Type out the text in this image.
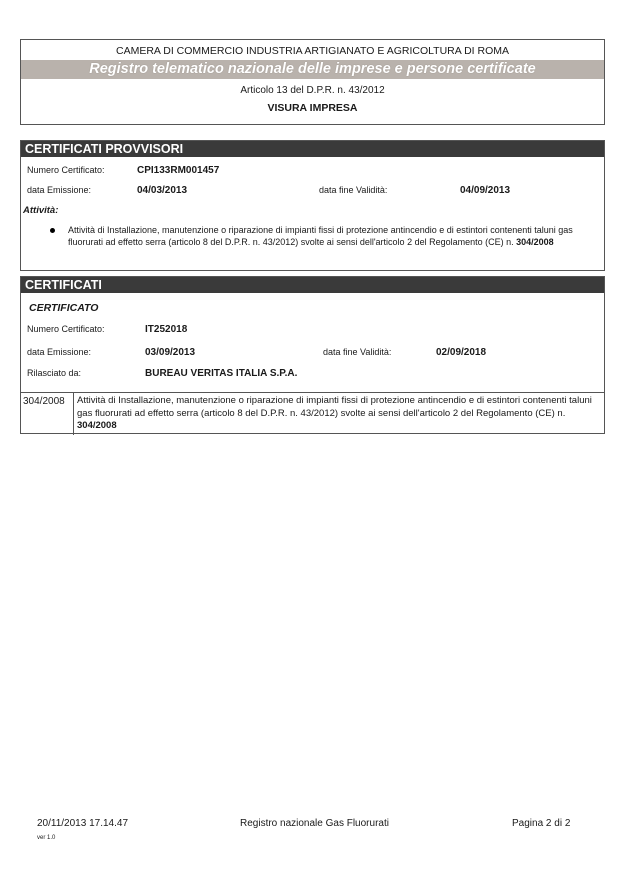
CAMERA DI COMMERCIO INDUSTRIA ARTIGIANATO E AGRICOLTURA DI ROMA
Registro telematico nazionale delle imprese e persone certificate
Articolo 13 del D.P.R. n. 43/2012
VISURA IMPRESA
CERTIFICATI PROVVISORI
Numero Certificato:	CPI133RM001457
data Emissione:	04/03/2013	data fine Validità:	04/09/2013
Attività:
Attività di Installazione, manutenzione o riparazione di impianti fissi di protezione antincendio e di estintori contenenti taluni gas fluorurati ad effetto serra (articolo 8 del D.P.R. n. 43/2012) svolte ai sensi dell'articolo 2 del Regolamento (CE) n. 304/2008
CERTIFICATI
CERTIFICATO
Numero Certificato:	IT252018
data Emissione:	03/09/2013	data fine Validità:	02/09/2018
Rilasciato da:	BUREAU VERITAS ITALIA S.P.A.
304/2008 Attività di Installazione, manutenzione o riparazione di impianti fissi di protezione antincendio e di estintori contenenti taluni gas fluorurati ad effetto serra (articolo 8 del D.P.R. n. 43/2012) svolte ai sensi dell'articolo 2 del Regolamento (CE) n. 304/2008
20/11/2013 17.14.47	Registro nazionale Gas Fluorurati	Pagina 2 di 2
ver 1.0
